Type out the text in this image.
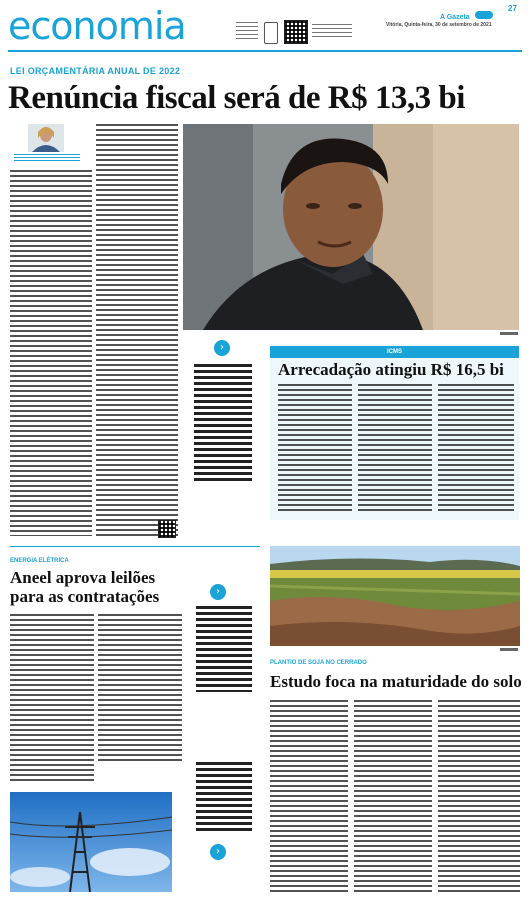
economia	A Gazeta
27
Vitória, Quinta-feira, 30 de setembro de 2021
LEI ORÇAMENTÁRIA ANUAL DE 2022
Renúncia fiscal será de R$ 13,3 bi
›	ICMS
Arrecadação atingiu R$ 16,5 bi
ENERGIA ELÉTRICA
Aneel aprova leilões
para as contratações	›
›
PLANTIO DE SOJA NO CERRADO
Estudo foca na maturidade do solo
